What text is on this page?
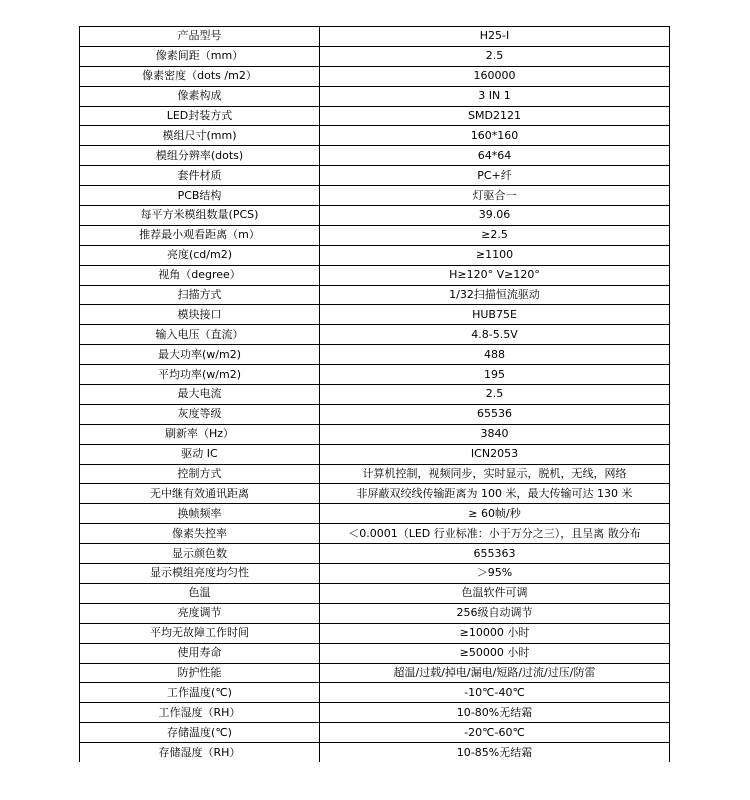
产品型号	H25-I
像素间距（mm）	2.5
像素密度（dots /m2）	160000
像素构成	3 IN 1
LED封装方式	SMD2121
模组尺寸(mm)	160*160
模组分辨率(dots)	64*64
套件材质	PC+纤
PCB结构	灯驱合一
每平方米模组数量(PCS)	39.06
推荐最小观看距离（m）	≥2.5
亮度(cd/m2)	≥1100
视角（degree）	H≥120° V≥120°
扫描方式	1/32扫描恒流驱动
模块接口	HUB75E
输入电压（直流）	4.8-5.5V
最大功率(w/m2)	488
平均功率(w/m2)	195
最大电流	2.5
灰度等级	65536
刷新率（Hz）	3840
驱动 IC	ICN2053
控制方式	计算机控制，视频同步，实时显示，脱机，无线，网络
无中继有效通讯距离	非屏蔽双绞线传输距离为 100 米，最大传输可达 130 米
换帧频率	≥ 60帧/秒
像素失控率	＜0.0001（LED 行业标准：小于万分之三），且呈离 散分布
显示颜色数	655363
显示模组亮度均匀性	＞95%
色温	色温软件可调
亮度调节	256级自动调节
平均无故障工作时间	≥10000 小时
使用寿命	≥50000 小时
防护性能	超温/过载/掉电/漏电/短路/过流/过压/防雷
工作温度(℃)	-10℃-40℃
工作湿度（RH）	10-80%无结霜
存储温度(℃)	-20℃-60℃
存储湿度（RH）	10-85%无结霜
